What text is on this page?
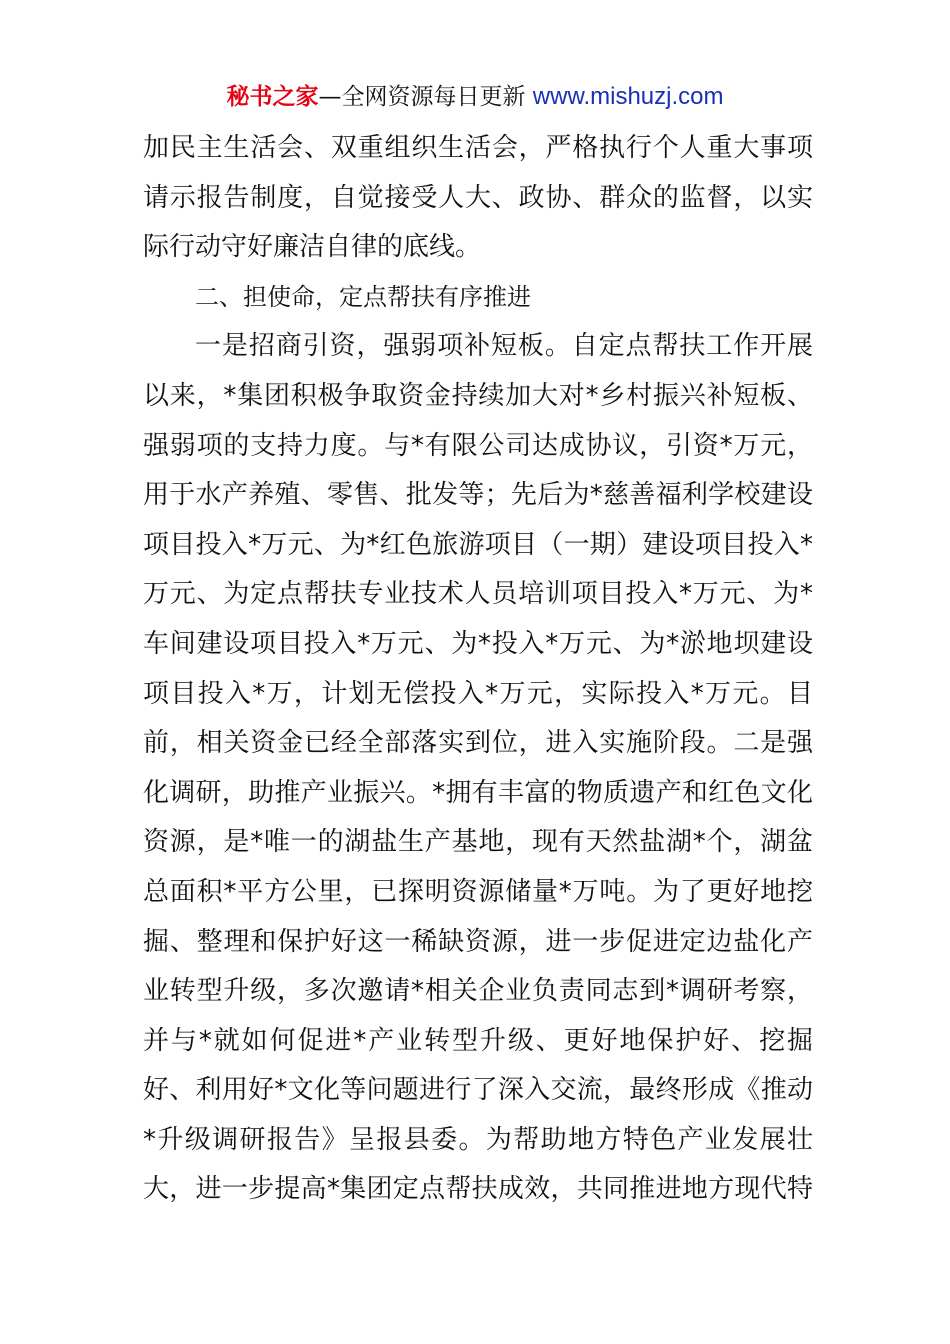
秘书之家—全网资源每日更新 www.mishuzj.com
加民主生活会、双重组织生活会，严格执行个人重大事项
请示报告制度，自觉接受人大、政协、群众的监督，以实
际行动守好廉洁自律的底线。
二、担使命，定点帮扶有序推进
一是招商引资，强弱项补短板。自定点帮扶工作开展
以来，*集团积极争取资金持续加大对*乡村振兴补短板、
强弱项的支持力度。与*有限公司达成协议，引资*万元，
用于水产养殖、零售、批发等；先后为*慈善福利学校建设
项目投入*万元、为*红色旅游项目（一期）建设项目投入*
万元、为定点帮扶专业技术人员培训项目投入*万元、为*
车间建设项目投入*万元、为*投入*万元、为*淤地坝建设
项目投入*万，计划无偿投入*万元，实际投入*万元。目
前，相关资金已经全部落实到位，进入实施阶段。二是强
化调研，助推产业振兴。*拥有丰富的物质遗产和红色文化
资源，是*唯一的湖盐生产基地，现有天然盐湖*个，湖盆
总面积*平方公里，已探明资源储量*万吨。为了更好地挖
掘、整理和保护好这一稀缺资源，进一步促进定边盐化产
业转型升级，多次邀请*相关企业负责同志到*调研考察，
并与*就如何促进*产业转型升级、更好地保护好、挖掘
好、利用好*文化等问题进行了深入交流，最终形成《推动
*升级调研报告》呈报县委。为帮助地方特色产业发展壮
大，进一步提高*集团定点帮扶成效，共同推进地方现代特
